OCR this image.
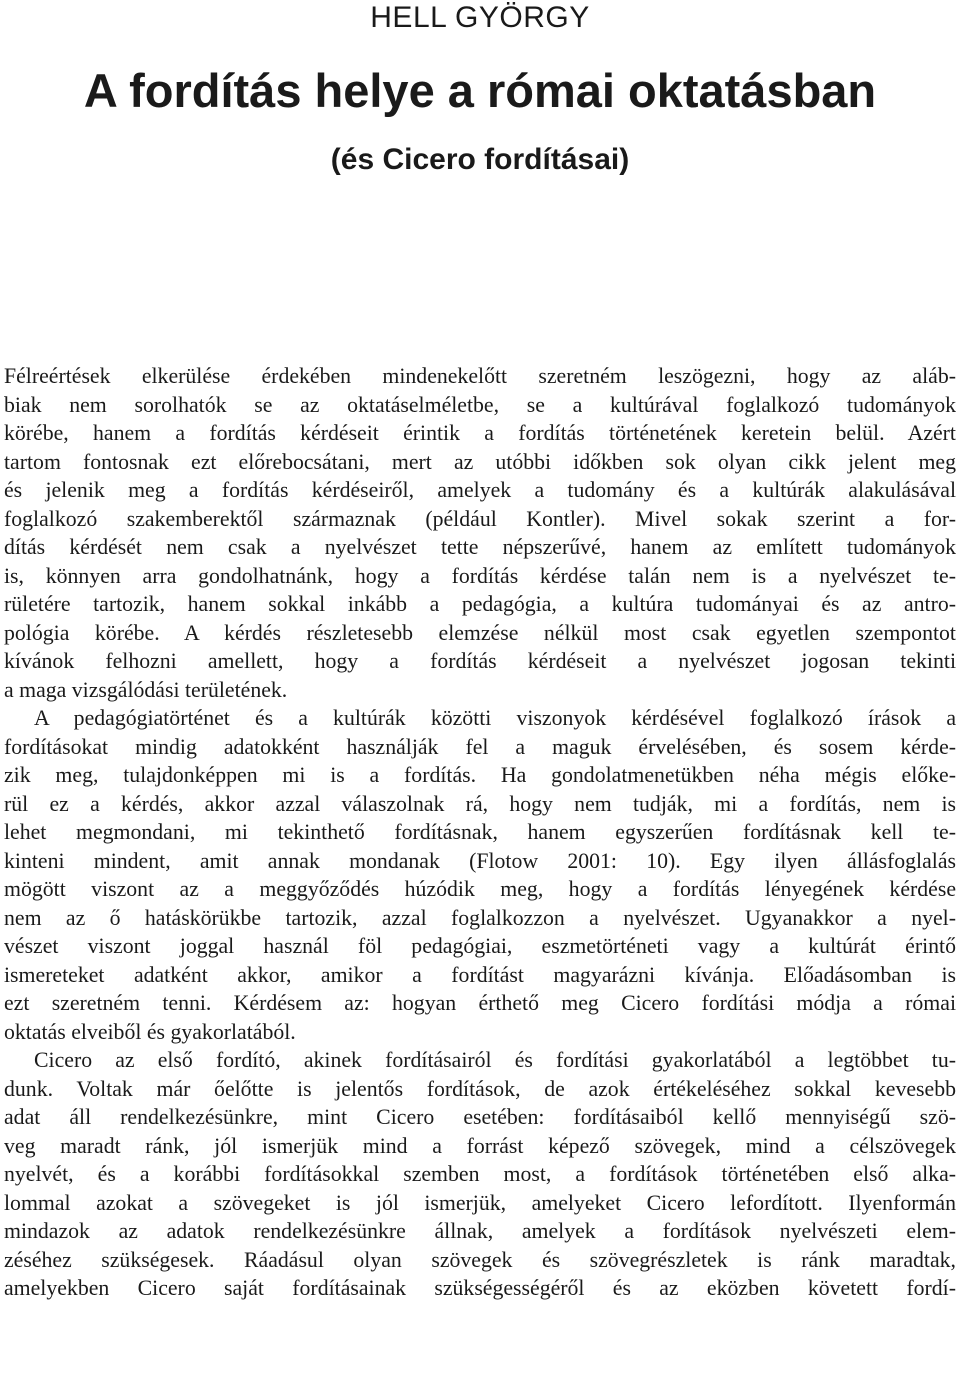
HELL GYÖRGY
A fordítás helye a római oktatásban
(és Cicero fordításai)
Félreértések elkerülése érdekében mindenekelőtt szeretném leszögezni, hogy az aláb-
biak nem sorolhatók se az oktatáselméletbe, se a kultúrával foglalkozó tudományok
körébe, hanem a fordítás kérdéseit érintik a fordítás történetének keretein belül. Azért
tartom fontosnak ezt előrebocsátani, mert az utóbbi időkben sok olyan cikk jelent meg
és jelenik meg a fordítás kérdéseiről, amelyek a tudomány és a kultúrák alakulásával
foglalkozó szakemberektől származnak (például Kontler). Mivel sokak szerint a for-
dítás kérdését nem csak a nyelvészet tette népszerűvé, hanem az említett tudományok
is, könnyen arra gondolhatnánk, hogy a fordítás kérdése talán nem is a nyelvészet te-
rületére tartozik, hanem sokkal inkább a pedagógia, a kultúra tudományai és az antro-
pológia körébe. A kérdés részletesebb elemzése nélkül most csak egyetlen szempontot
kívánok felhozni amellett, hogy a fordítás kérdéseit a nyelvészet jogosan tekinti
a maga vizsgálódási területének.
A pedagógiatörténet és a kultúrák közötti viszonyok kérdésével foglalkozó írások a
fordításokat mindig adatokként használják fel a maguk érvelésében, és sosem kérde-
zik meg, tulajdonképpen mi is a fordítás. Ha gondolatmenetükben néha mégis előke-
rül ez a kérdés, akkor azzal válaszolnak rá, hogy nem tudják, mi a fordítás, nem is
lehet megmondani, mi tekinthető fordításnak, hanem egyszerűen fordításnak kell te-
kinteni mindent, amit annak mondanak (Flotow 2001: 10). Egy ilyen állásfoglalás
mögött viszont az a meggyőződés húzódik meg, hogy a fordítás lényegének kérdése
nem az ő hatáskörükbe tartozik, azzal foglalkozzon a nyelvészet. Ugyanakkor a nyel-
vészet viszont joggal használ föl pedagógiai, eszmetörténeti vagy a kultúrát érintő
ismereteket adatként akkor, amikor a fordítást magyarázni kívánja. Előadásomban is
ezt szeretném tenni. Kérdésem az: hogyan érthető meg Cicero fordítási módja a római
oktatás elveiből és gyakorlatából.
Cicero az első fordító, akinek fordításairól és fordítási gyakorlatából a legtöbbet tu-
dunk. Voltak már őelőtte is jelentős fordítások, de azok értékeléséhez sokkal kevesebb
adat áll rendelkezésünkre, mint Cicero esetében: fordításaiból kellő mennyiségű szö-
veg maradt ránk, jól ismerjük mind a forrást képező szövegek, mind a célszövegek
nyelvét, és a korábbi fordításokkal szemben most, a fordítások történetében első alka-
lommal azokat a szövegeket is jól ismerjük, amelyeket Cicero lefordított. Ilyenformán
mindazok az adatok rendelkezésünkre állnak, amelyek a fordítások nyelvészeti elem-
zéséhez szükségesek. Ráadásul olyan szövegek és szövegrészletek is ránk maradtak,
amelyekben Cicero saját fordításainak szükségességéről és az eközben követett fordí-
